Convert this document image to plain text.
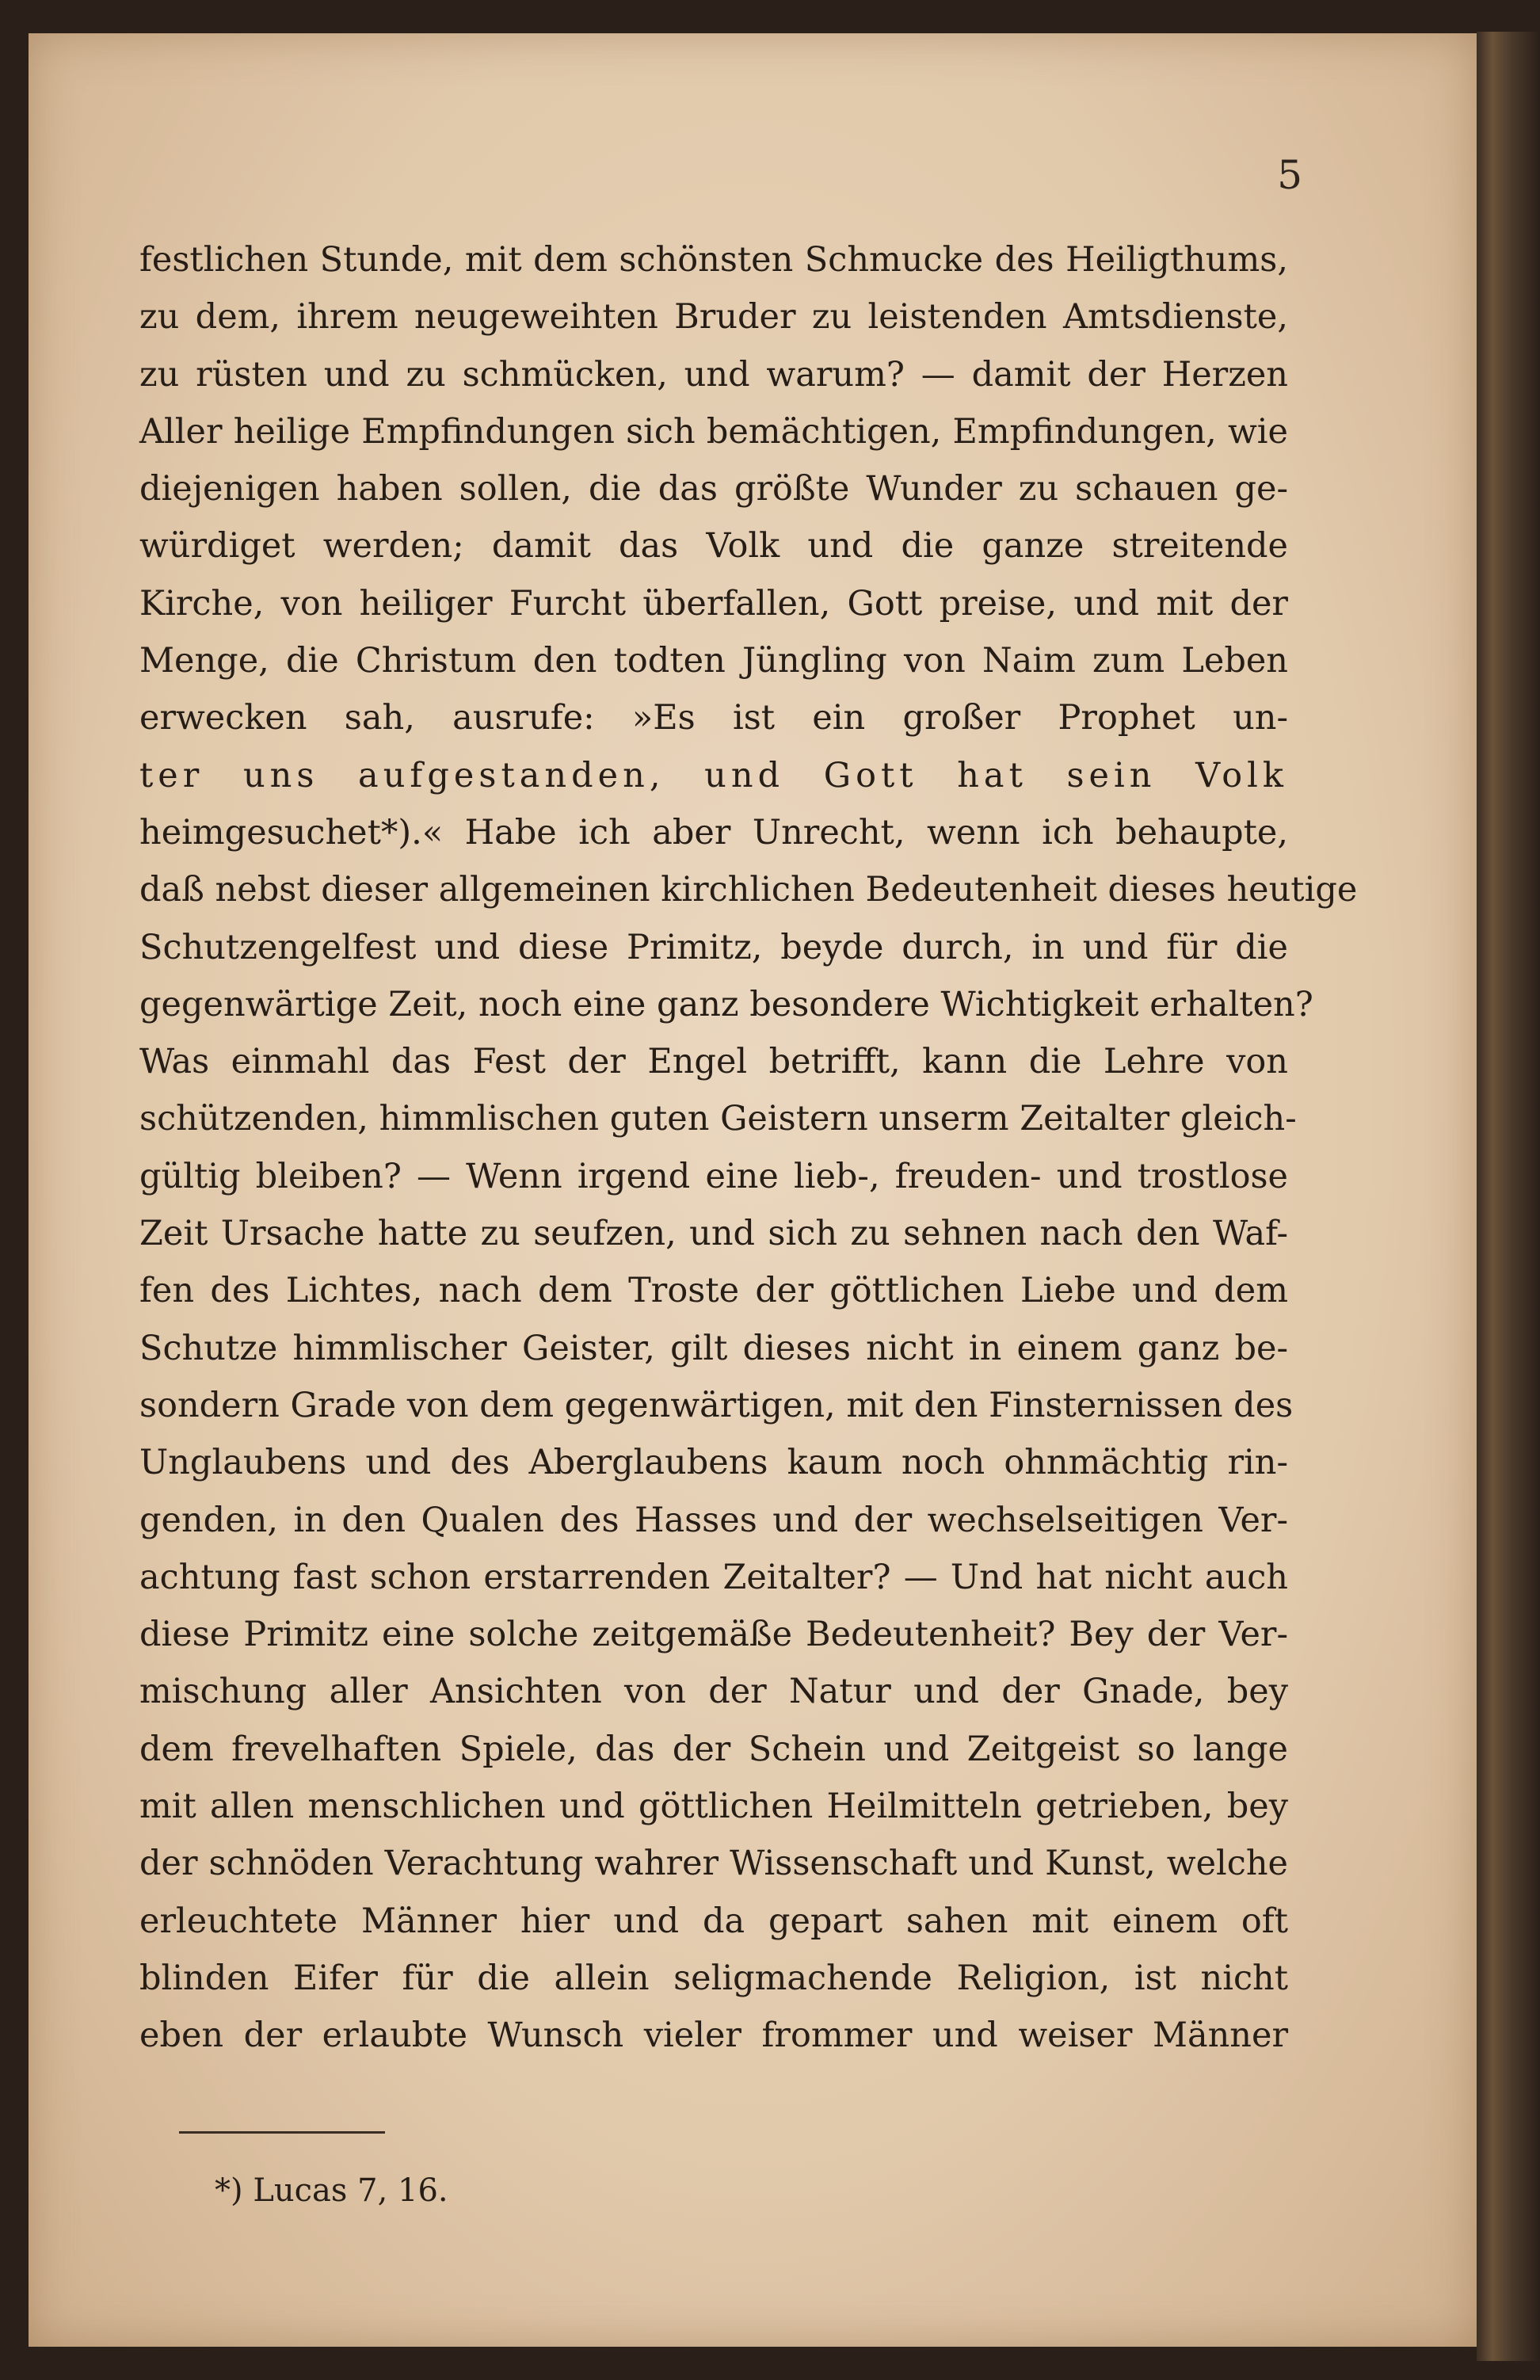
5
festlichen Stunde, mit dem schönsten Schmucke des Heiligthums,
zu dem, ihrem neugeweihten Bruder zu leistenden Amtsdienste,
zu rüsten und zu schmücken, und warum? — damit der Herzen
Aller heilige Empfindungen sich bemächtigen, Empfindungen, wie
diejenigen haben sollen, die das größte Wunder zu schauen ge-
würdiget werden; damit das Volk und die ganze streitende
Kirche, von heiliger Furcht überfallen, Gott preise, und mit der
Menge, die Christum den todten Jüngling von Naim zum Leben
erwecken sah, ausrufe: »Es ist ein großer Prophet un-
ter uns aufgestanden, und Gott hat sein Volk
heimgesuchet*).« Habe ich aber Unrecht, wenn ich behaupte,
daß nebst dieser allgemeinen kirchlichen Bedeutenheit dieses heutige
Schutzengelfest und diese Primitz, beyde durch, in und für die
gegenwärtige Zeit, noch eine ganz besondere Wichtigkeit erhalten?
Was einmahl das Fest der Engel betrifft, kann die Lehre von
schützenden, himmlischen guten Geistern unserm Zeitalter gleich-
gültig bleiben? — Wenn irgend eine lieb-, freuden- und trostlose
Zeit Ursache hatte zu seufzen, und sich zu sehnen nach den Waf-
fen des Lichtes, nach dem Troste der göttlichen Liebe und dem
Schutze himmlischer Geister, gilt dieses nicht in einem ganz be-
sondern Grade von dem gegenwärtigen, mit den Finsternissen des
Unglaubens und des Aberglaubens kaum noch ohnmächtig rin-
genden, in den Qualen des Hasses und der wechselseitigen Ver-
achtung fast schon erstarrenden Zeitalter? — Und hat nicht auch
diese Primitz eine solche zeitgemäße Bedeutenheit? Bey der Ver-
mischung aller Ansichten von der Natur und der Gnade, bey
dem frevelhaften Spiele, das der Schein und Zeitgeist so lange
mit allen menschlichen und göttlichen Heilmitteln getrieben, bey
der schnöden Verachtung wahrer Wissenschaft und Kunst, welche
erleuchtete Männer hier und da gepart sahen mit einem oft
blinden Eifer für die allein seligmachende Religion, ist nicht
eben der erlaubte Wunsch vieler frommer und weiser Männer
*) Lucas 7, 16.
